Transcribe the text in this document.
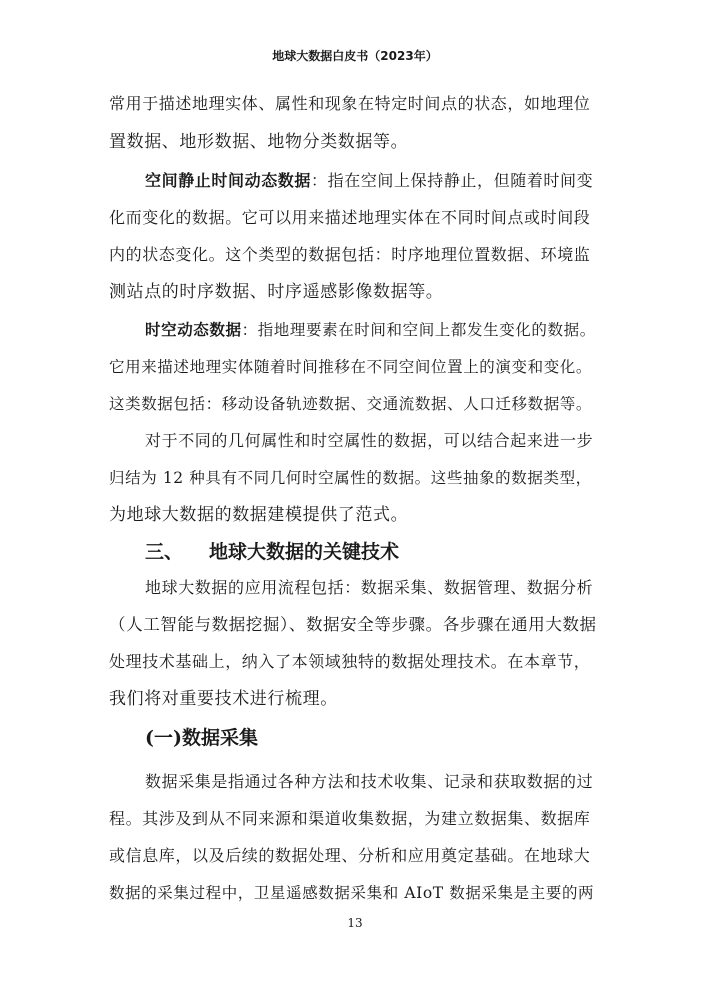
地球大数据白皮书（2023年）
常用于描述地理实体、属性和现象在特定时间点的状态，如地理位
置数据、地形数据、地物分类数据等。
空间静止时间动态数据：指在空间上保持静止，但随着时间变
化而变化的数据。它可以用来描述地理实体在不同时间点或时间段
内的状态变化。这个类型的数据包括：时序地理位置数据、环境监
测站点的时序数据、时序遥感影像数据等。
时空动态数据：指地理要素在时间和空间上都发生变化的数据。
它用来描述地理实体随着时间推移在不同空间位置上的演变和变化。
这类数据包括：移动设备轨迹数据、交通流数据、人口迁移数据等。
对于不同的几何属性和时空属性的数据，可以结合起来进一步
归结为 12 种具有不同几何时空属性的数据。这些抽象的数据类型，
为地球大数据的数据建模提供了范式。
三、 地球大数据的关键技术
地球大数据的应用流程包括：数据采集、数据管理、数据分析
（人工智能与数据挖掘）、数据安全等步骤。各步骤在通用大数据
处理技术基础上，纳入了本领域独特的数据处理技术。在本章节，
我们将对重要技术进行梳理。
(一)数据采集
数据采集是指通过各种方法和技术收集、记录和获取数据的过
程。其涉及到从不同来源和渠道收集数据，为建立数据集、数据库
或信息库，以及后续的数据处理、分析和应用奠定基础。在地球大
数据的采集过程中，卫星遥感数据采集和 AIoT 数据采集是主要的两
13
